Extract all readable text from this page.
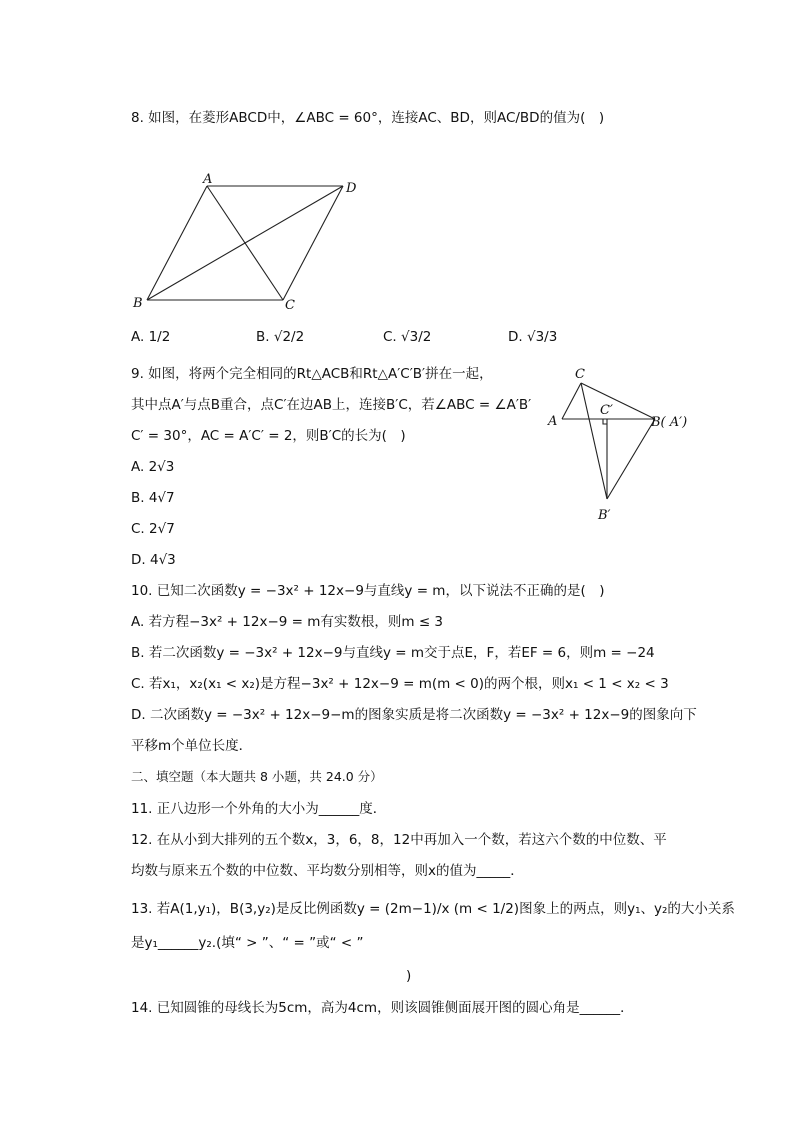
8. 如图，在菱形ABCD中，∠ABC = 60°，连接AC、BD，则AC/BD的值为(　)
A
D
B	C
A. 1/2	B. √2/2	C. √3/2	D. √3/3
9. 如图，将两个完全相同的Rt△ACB和Rt△A′C′B′拼在一起，
其中点A′与点B重合，点C′在边AB上，连接B′C，若∠ABC = ∠A′B′
C′ = 30°，AC = A′C′ = 2，则B′C的长为(　)
A. 2√3
B. 4√7
C. 2√7
D. 4√3
C
C′
A	B( A′)
B′
10. 已知二次函数y = −3x² + 12x−9与直线y = m，以下说法不正确的是(　)
A. 若方程−3x² + 12x−9 = m有实数根，则m ≤ 3
B. 若二次函数y = −3x² + 12x−9与直线y = m交于点E，F，若EF = 6，则m = −24
C. 若x₁，x₂(x₁ < x₂)是方程−3x² + 12x−9 = m(m < 0)的两个根，则x₁ < 1 < x₂ < 3
D. 二次函数y = −3x² + 12x−9−m的图象实质是将二次函数y = −3x² + 12x−9的图象向下
平移m个单位长度．
二、填空题（本大题共 8 小题，共 24.0 分）
11. 正八边形一个外角的大小为______度．
12. 在从小到大排列的五个数x，3，6，8，12中再加入一个数，若这六个数的中位数、平
均数与原来五个数的中位数、平均数分别相等，则x的值为_____．
13. 若A(1,y₁)，B(3,y₂)是反比例函数y = (2m−1)/x (m < 1/2)图象上的两点，则y₁、y₂的大小关系
是y₁______y₂.(填“ > ”、“ = ”或“ < ”
)
14. 已知圆锥的母线长为5cm，高为4cm，则该圆锥侧面展开图的圆心角是______．
